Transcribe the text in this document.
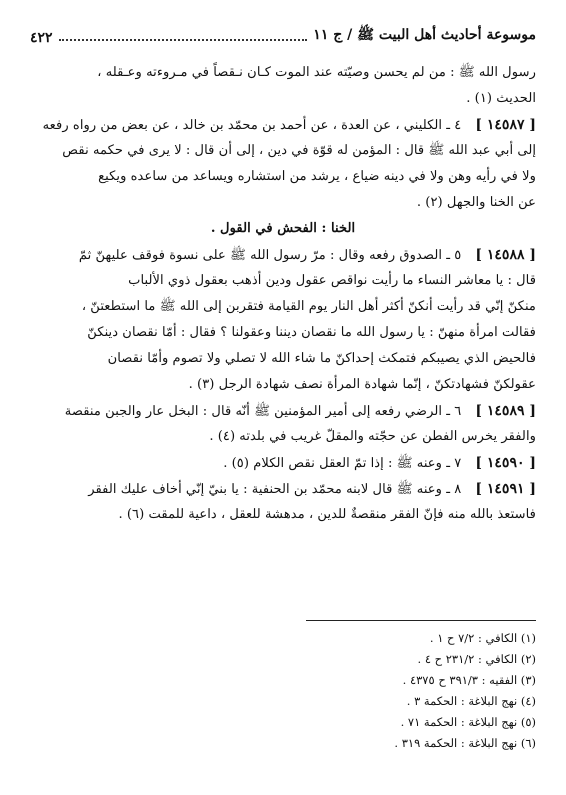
موسوعة أحاديث أهل البيت ﷺ / ج ١١
٤٢٢
رسول الله ﷺ : من لم يحسن وصيّته عند الموت كـان نـقصاً في مـروءته وعـقله ،
الحديث (١) .
[ ١٤٥٨٧ ]
٤ ـ الكليني ، عن العدة ، عن أحمد بن محمّد بن خالد ، عن بعض من رواه رفعه
إلى أبي عبد الله ﷺ قال : المؤمن له قوّة في دين ، إلى أن قال : لا يرى في حكمه نقص
ولا في رأيه وهن ولا في دينه ضياع ، يرشد من استشاره ويساعد من ساعده ويكيع
عن الخنا والجهل (٢) .
الخنا : الفحش في القول .
[ ١٤٥٨٨ ]
٥ ـ الصدوق رفعه وقال : مرّ رسول الله ﷺ على نسوة فوقف عليهنّ ثمّ
قال : يا معاشر النساء ما رأيت نواقص عقول ودين أذهب بعقول ذوي الألباب
منكنّ إنّي قد رأيت أنكنّ أكثر أهل النار يوم القيامة فتقربن إلى الله ﷺ ما استطعتنّ ،
فقالت امرأة منهنّ : يا رسول الله ما نقصان ديننا وعقولنا ؟ فقال : أمّا نقصان دينكنّ
فالحيض الذي يصيبكم فتمكث إحداكنّ ما شاء الله لا تصلي ولا تصوم وأمّا نقصان
عقولكنّ فشهادتكنّ ، إنّما شهادة المرأة نصف شهادة الرجل (٣) .
[ ١٤٥٨٩ ]
٦ ـ الرضي رفعه إلى أمير المؤمنين ﷺ أنّه قال : البخل عار والجبن منقصة
والفقر يخرس الفطن عن حجّته والمقلّ غريب في بلدته (٤) .
[ ١٤٥٩٠ ]
٧ ـ وعنه ﷺ : إذا تمّ العقل نقص الكلام (٥) .
[ ١٤٥٩١ ]
٨ ـ وعنه ﷺ قال لابنه محمّد بن الحنفية : يا بنيّ إنّي أخاف عليك الفقر
فاستعذ بالله منه فإنّ الفقر منقصةٌ للدين ، مدهشة للعقل ، داعية للمقت (٦) .
(١) الكافي : ٧/٢ ح ١ .
(٢) الكافي : ٢٣١/٢ ح ٤ .
(٣) الفقيه : ٣٩١/٣ ح ٤٣٧٥ .
(٤) نهج البلاغة : الحكمة ٣ .
(٥) نهج البلاغة : الحكمة ٧١ .
(٦) نهج البلاغة : الحكمة ٣١٩ .
